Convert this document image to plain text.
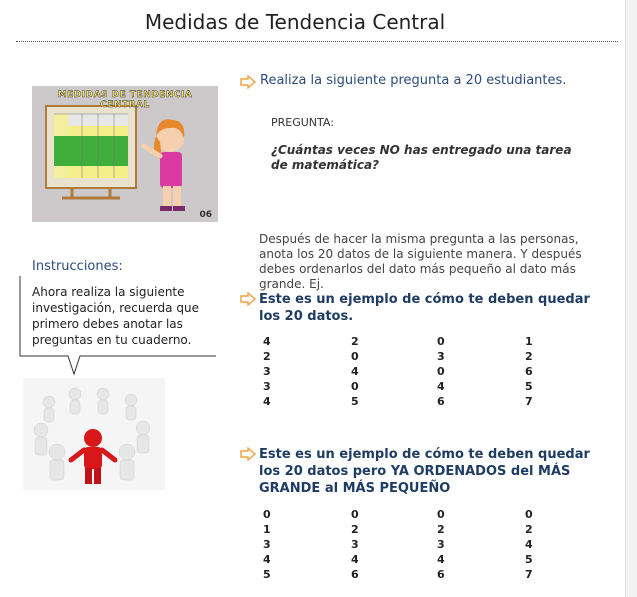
Medidas de Tendencia Central
MEDIDAS DE TENDENCIA CENTRAL
06
Instrucciones:
Ahora realiza la siguiente investigación, recuerda que primero debes anotar las preguntas en tu cuaderno.
Realiza la siguiente pregunta a 20 estudiantes.
PREGUNTA:
¿Cuántas veces NO has entregado una tarea de matemática?
Después de hacer la misma pregunta a las personas, anota los 20 datos de la siguiente manera. Y después debes ordenarlos del dato más pequeño al dato más grande. Ej.
Este es un ejemplo de cómo te deben quedar los 20 datos.
4	2	0	1
2	0	3	2
3	4	0	6
3	0	4	5
4	5	6	7
Este es un ejemplo de cómo te deben quedar los 20 datos pero YA ORDENADOS del MÁS GRANDE al MÁS PEQUEÑO
0	0	0	0
1	2	2	2
3	3	3	4
4	4	4	5
5	6	6	7
